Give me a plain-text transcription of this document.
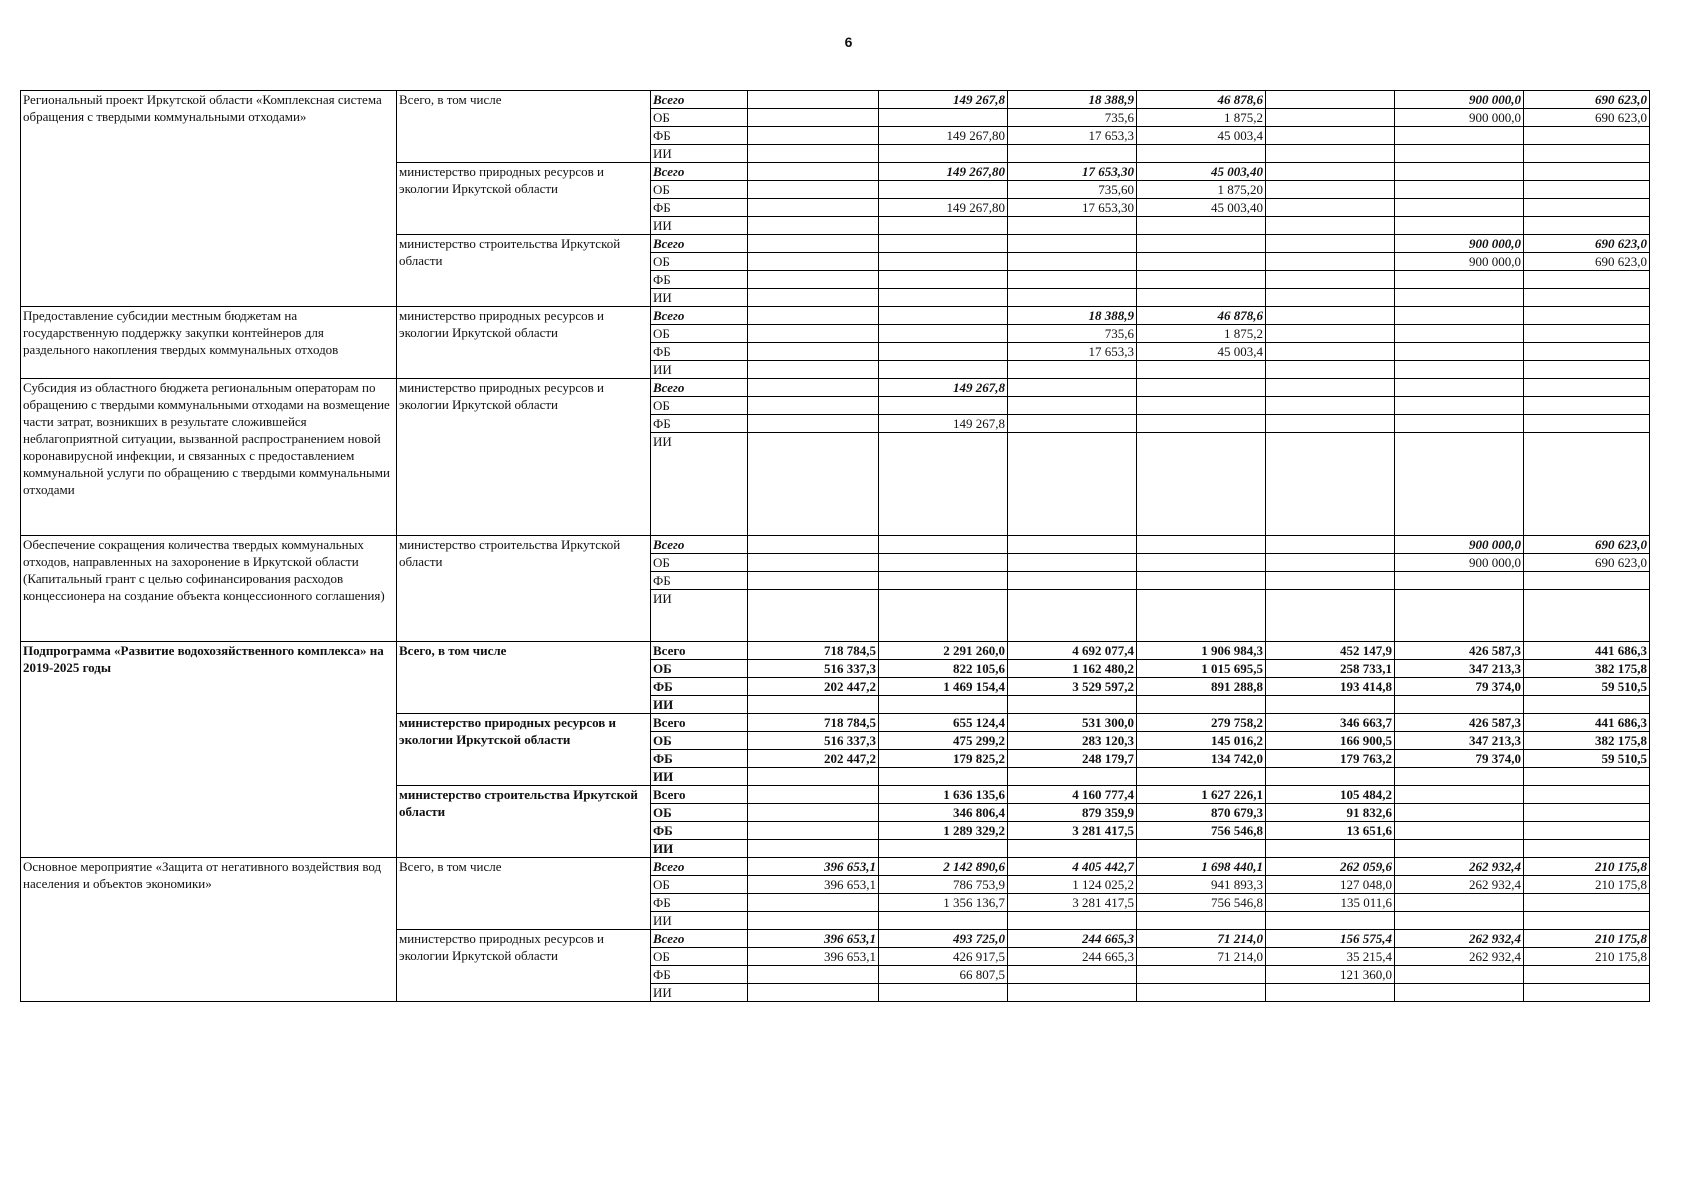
6
Региональный проект Иркутской области «Комплексная система обращения с твердыми коммунальными отходами»	Всего, в том числе	Всего		149 267,8	18 388,9	46 878,6		900 000,0	690 623,0
		ОБ			735,6	1 875,2		900 000,0	690 623,0
		ФБ		149 267,80	17 653,3	45 003,4			
		ИИ							
	министерство природных ресурсов и экологии Иркутской области	Всего		149 267,80	17 653,30	45 003,40			
		ОБ			735,60	1 875,20			
		ФБ		149 267,80	17 653,30	45 003,40			
		ИИ							
	министерство строительства Иркутской области	Всего						900 000,0	690 623,0
		ОБ						900 000,0	690 623,0
		ФБ							
		ИИ							
Предоставление субсидии местным бюджетам на государственную поддержку закупки контейнеров для раздельного накопления твердых коммунальных отходов	министерство природных ресурсов и экологии Иркутской области	Всего			18 388,9	46 878,6			
		ОБ			735,6	1 875,2			
		ФБ			17 653,3	45 003,4			
		ИИ							
Субсидия из областного бюджета региональным операторам по обращению с твердыми коммунальными отходами на возмещение части затрат, возникших в результате сложившейся неблагоприятной ситуации, вызванной распространением новой коронавирусной инфекции, и связанных с предоставлением коммунальной услуги по обращению с твердыми коммунальными отходами	министерство природных ресурсов и экологии Иркутской области	Всего		149 267,8					
		ОБ							
		ФБ		149 267,8					
		ИИ							
Обеспечение сокращения количества твердых коммунальных отходов, направленных на захоронение в Иркутской области (Капитальный грант с целью софинансирования расходов концессионера на создание объекта концессионного соглашения)	министерство строительства Иркутской области	Всего						900 000,0	690 623,0
		ОБ						900 000,0	690 623,0
		ФБ							
		ИИ							
Подпрограмма «Развитие водохозяйственного комплекса» на 2019-2025 годы	Всего, в том числе	Всего	718 784,5	2 291 260,0	4 692 077,4	1 906 984,3	452 147,9	426 587,3	441 686,3
		ОБ	516 337,3	822 105,6	1 162 480,2	1 015 695,5	258 733,1	347 213,3	382 175,8
		ФБ	202 447,2	1 469 154,4	3 529 597,2	891 288,8	193 414,8	79 374,0	59 510,5
		ИИ							
	министерство природных ресурсов и экологии Иркутской области	Всего	718 784,5	655 124,4	531 300,0	279 758,2	346 663,7	426 587,3	441 686,3
		ОБ	516 337,3	475 299,2	283 120,3	145 016,2	166 900,5	347 213,3	382 175,8
		ФБ	202 447,2	179 825,2	248 179,7	134 742,0	179 763,2	79 374,0	59 510,5
		ИИ							
	министерство строительства Иркутской области	Всего		1 636 135,6	4 160 777,4	1 627 226,1	105 484,2		
		ОБ		346 806,4	879 359,9	870 679,3	91 832,6		
		ФБ		1 289 329,2	3 281 417,5	756 546,8	13 651,6		
		ИИ							
Основное мероприятие «Защита от негативного воздействия вод населения и объектов экономики»	Всего, в том числе	Всего	396 653,1	2 142 890,6	4 405 442,7	1 698 440,1	262 059,6	262 932,4	210 175,8
		ОБ	396 653,1	786 753,9	1 124 025,2	941 893,3	127 048,0	262 932,4	210 175,8
		ФБ		1 356 136,7	3 281 417,5	756 546,8	135 011,6		
		ИИ							
	министерство природных ресурсов и экологии Иркутской области	Всего	396 653,1	493 725,0	244 665,3	71 214,0	156 575,4	262 932,4	210 175,8
		ОБ	396 653,1	426 917,5	244 665,3	71 214,0	35 215,4	262 932,4	210 175,8
		ФБ		66 807,5			121 360,0		
		ИИ							
